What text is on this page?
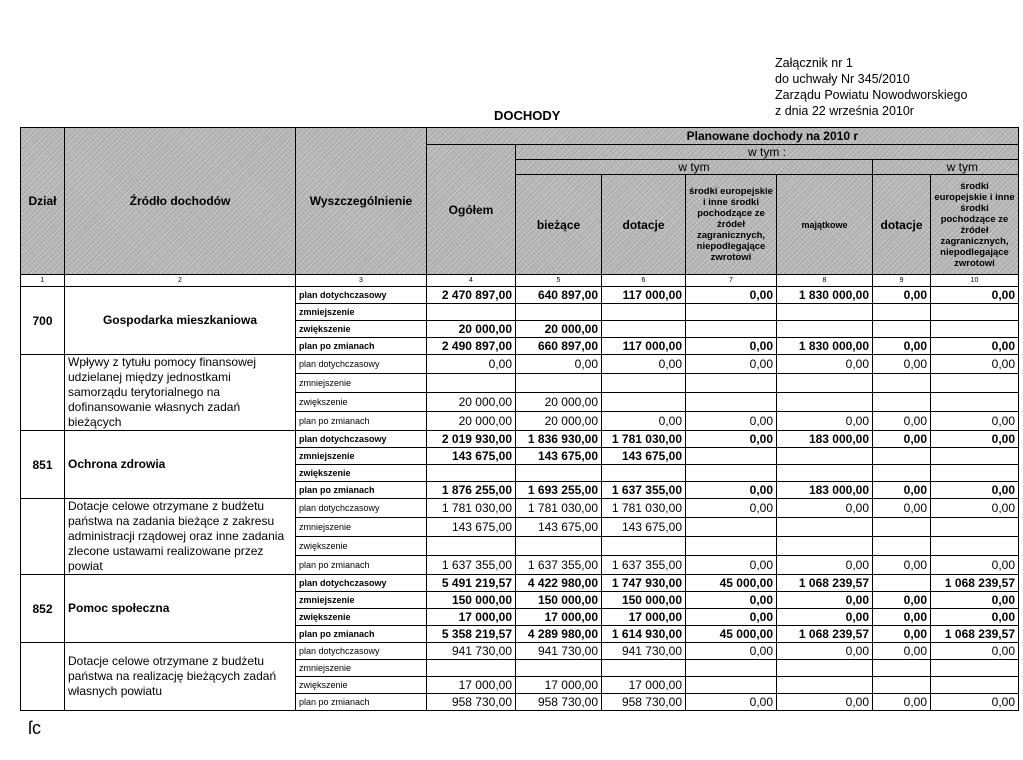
Załącznik nr 1
do uchwały Nr 345/2010
Zarządu Powiatu Nowodworskiego
z dnia 22 września 2010r
DOCHODY
Dział	Źródło dochodów	Wyszczególnienie	Planowane dochody na 2010 r						
			Ogółem	w tym :					
				w tym				w tym	
				bieżące	dotacje	środki europejskie i inne środki pochodzące ze źródeł zagranicznych, niepodlegające zwrotowi	majątkowe	dotacje	środki europejskie i inne środki pochodzące ze źródeł zagranicznych, niepodlegające zwrotowi
1	2	3	4	5	6	7	8	9	10
700	Gospodarka mieszkaniowa	plan dotychczasowy	2 470 897,00	640 897,00	117 000,00	0,00	1 830 000,00	0,00	0,00
		zmniejszenie							
		zwiększenie	20 000,00	20 000,00					
		plan po zmianach	2 490 897,00	660 897,00	117 000,00	0,00	1 830 000,00	0,00	0,00
	Wpływy z tytułu pomocy finansowej udzielanej między jednostkami samorządu terytorialnego na dofinansowanie własnych zadań bieżących	plan dotychczasowy	0,00	0,00	0,00	0,00	0,00	0,00	0,00
		zmniejszenie							
		zwiększenie	20 000,00	20 000,00					
		plan po zmianach	20 000,00	20 000,00	0,00	0,00	0,00	0,00	0,00
851	Ochrona zdrowia	plan dotychczasowy	2 019 930,00	1 836 930,00	1 781 030,00	0,00	183 000,00	0,00	0,00
		zmniejszenie	143 675,00	143 675,00	143 675,00				
		zwiększenie							
		plan po zmianach	1 876 255,00	1 693 255,00	1 637 355,00	0,00	183 000,00	0,00	0,00
	Dotacje celowe otrzymane z budżetu państwa na zadania bieżące z zakresu administracji rządowej oraz inne zadania zlecone ustawami realizowane przez powiat	plan dotychczasowy	1 781 030,00	1 781 030,00	1 781 030,00	0,00	0,00	0,00	0,00
		zmniejszenie	143 675,00	143 675,00	143 675,00				
		zwiększenie							
		plan po zmianach	1 637 355,00	1 637 355,00	1 637 355,00	0,00	0,00	0,00	0,00
852	Pomoc społeczna	plan dotychczasowy	5 491 219,57	4 422 980,00	1 747 930,00	45 000,00	1 068 239,57		1 068 239,57
		zmniejszenie	150 000,00	150 000,00	150 000,00	0,00	0,00	0,00	0,00
		zwiększenie	17 000,00	17 000,00	17 000,00	0,00	0,00	0,00	0,00
		plan po zmianach	5 358 219,57	4 289 980,00	1 614 930,00	45 000,00	1 068 239,57	0,00	1 068 239,57
	Dotacje celowe otrzymane z budżetu państwa na realizację bieżących zadań własnych powiatu	plan dotychczasowy	941 730,00	941 730,00	941 730,00	0,00	0,00	0,00	0,00
		zmniejszenie							
		zwiększenie	17 000,00	17 000,00	17 000,00				
		plan po zmianach	958 730,00	958 730,00	958 730,00	0,00	0,00	0,00	0,00
ſc
